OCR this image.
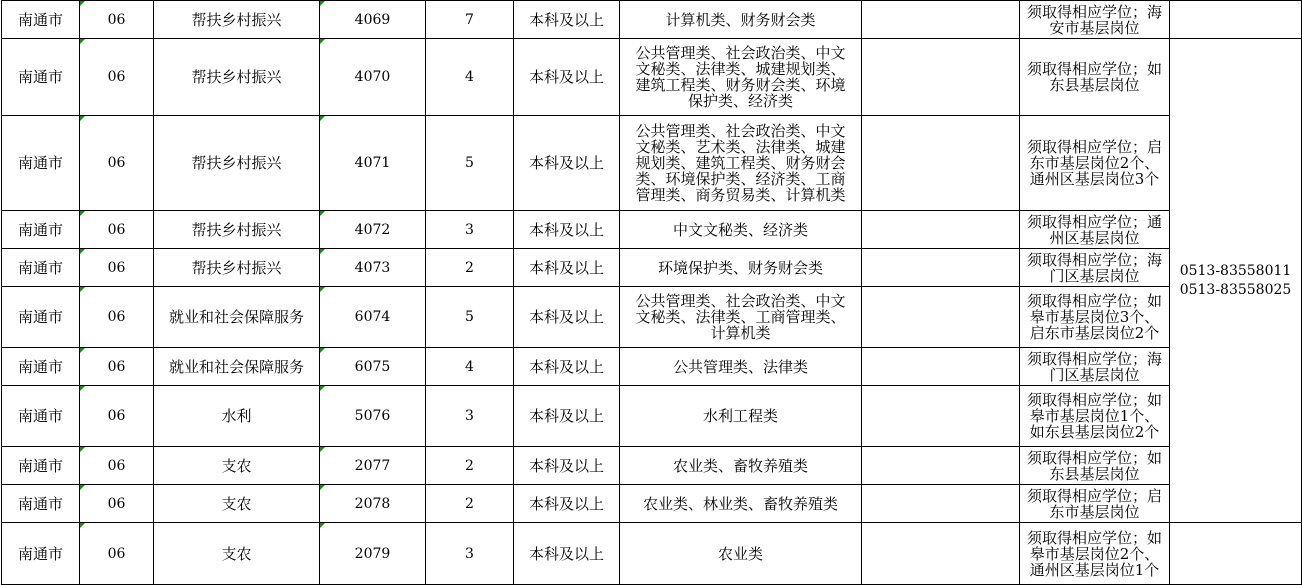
南通市	06	帮扶乡村振兴	4069	7	本科及以上	计算机类、财务财会类		须取得相应学位；海
安市基层岗位	

南通市	06	帮扶乡村振兴	4070	4	本科及以上	公共管理类、社会政治类、中文
文秘类、法律类、城建规划类、
建筑工程类、财务财会类、环境
保护类、经济类		须取得相应学位；如
东县基层岗位	0513-83558011
0513-83558025

南通市	06	帮扶乡村振兴	4071	5	本科及以上	公共管理类、社会政治类、中文
文秘类、艺术类、法律类、城建
规划类、建筑工程类、财务财会
类、环境保护类、经济类、工商
管理类、商务贸易类、计算机类		须取得相应学位；启
东市基层岗位2个、
通州区基层岗位3个	

南通市	06	帮扶乡村振兴	4072	3	本科及以上	中文文秘类、经济类		须取得相应学位；通
州区基层岗位	

南通市	06	帮扶乡村振兴	4073	2	本科及以上	环境保护类、财务财会类		须取得相应学位；海
门区基层岗位	

南通市	06	就业和社会保障服务	6074	5	本科及以上	公共管理类、社会政治类、中文
文秘类、法律类、工商管理类、
计算机类		须取得相应学位；如
皋市基层岗位3个、
启东市基层岗位2个	

南通市	06	就业和社会保障服务	6075	4	本科及以上	公共管理类、法律类		须取得相应学位；海
门区基层岗位	

南通市	06	水利	5076	3	本科及以上	水利工程类		须取得相应学位；如
皋市基层岗位1个、
如东县基层岗位2个	

南通市	06	支农	2077	2	本科及以上	农业类、畜牧养殖类		须取得相应学位；如
东县基层岗位	

南通市	06	支农	2078	2	本科及以上	农业类、林业类、畜牧养殖类		须取得相应学位；启
东市基层岗位	

南通市	06	支农	2079	3	本科及以上	农业类		须取得相应学位；如
皋市基层岗位2个、
通州区基层岗位1个	
